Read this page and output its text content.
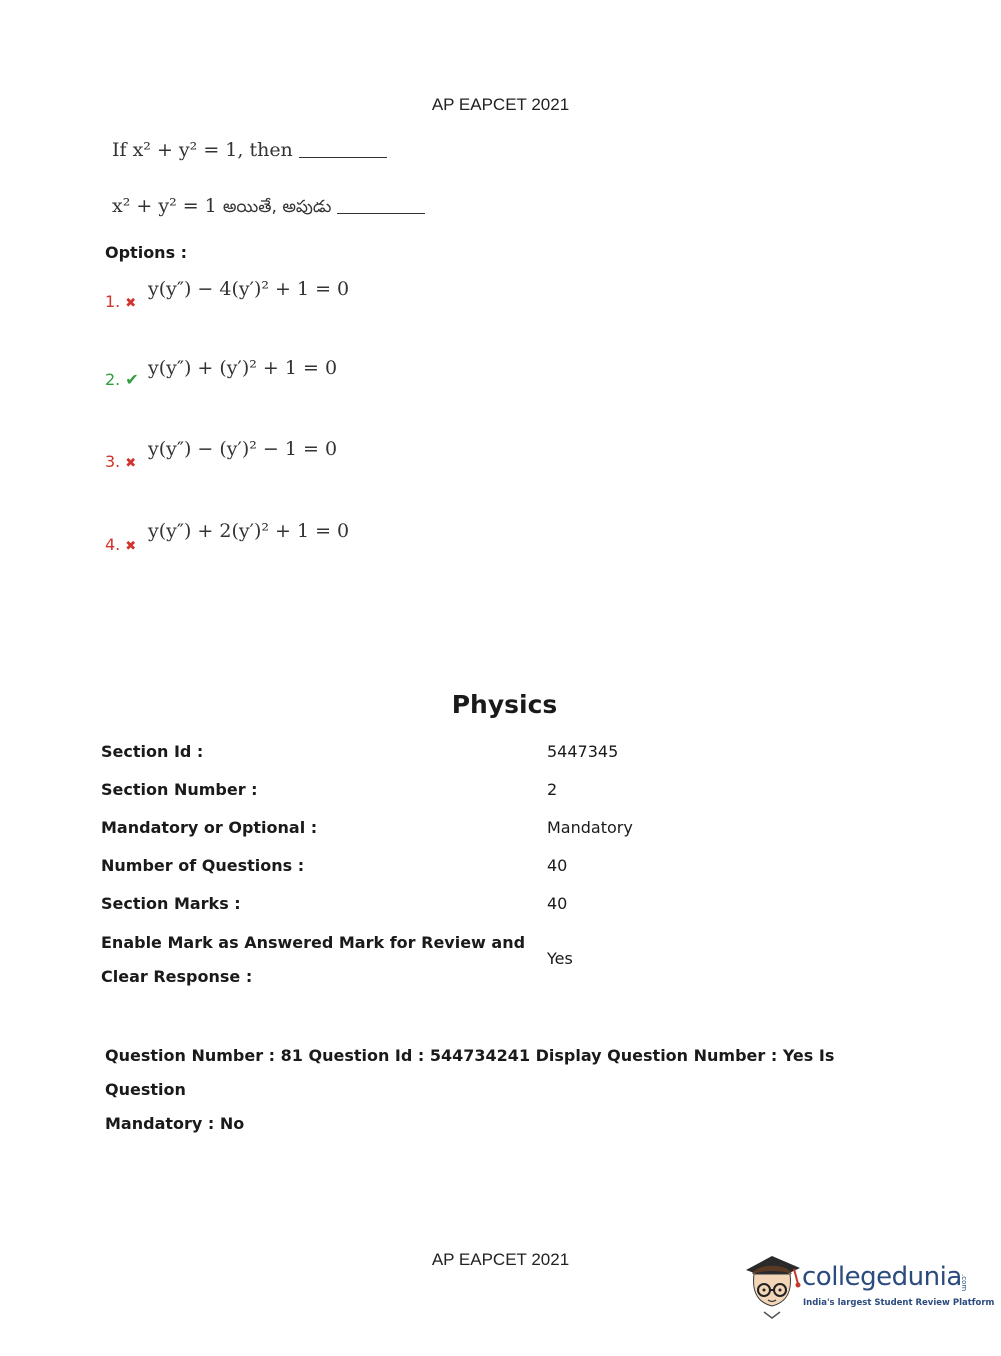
AP EAPCET 2021
If x² + y² = 1, then
x² + y² = 1 అయితే, అపుడు
Options :
1. ✖
y(y″) − 4(y′)² + 1 = 0
2. ✔
y(y″) + (y′)² + 1 = 0
3. ✖
y(y″) − (y′)² − 1 = 0
4. ✖
y(y″) + 2(y′)² + 1 = 0
Physics
Section Id :	5447345
Section Number :	2
Mandatory or Optional :	Mandatory
Number of Questions :	40
Section Marks :	40
Enable Mark as Answered Mark for Review and
Clear Response :
Yes
Question Number : 81 Question Id : 544734241 Display Question Number : Yes Is Question
Mandatory : No
AP EAPCET 2021
collegedunia
.com
India's largest Student Review Platform
